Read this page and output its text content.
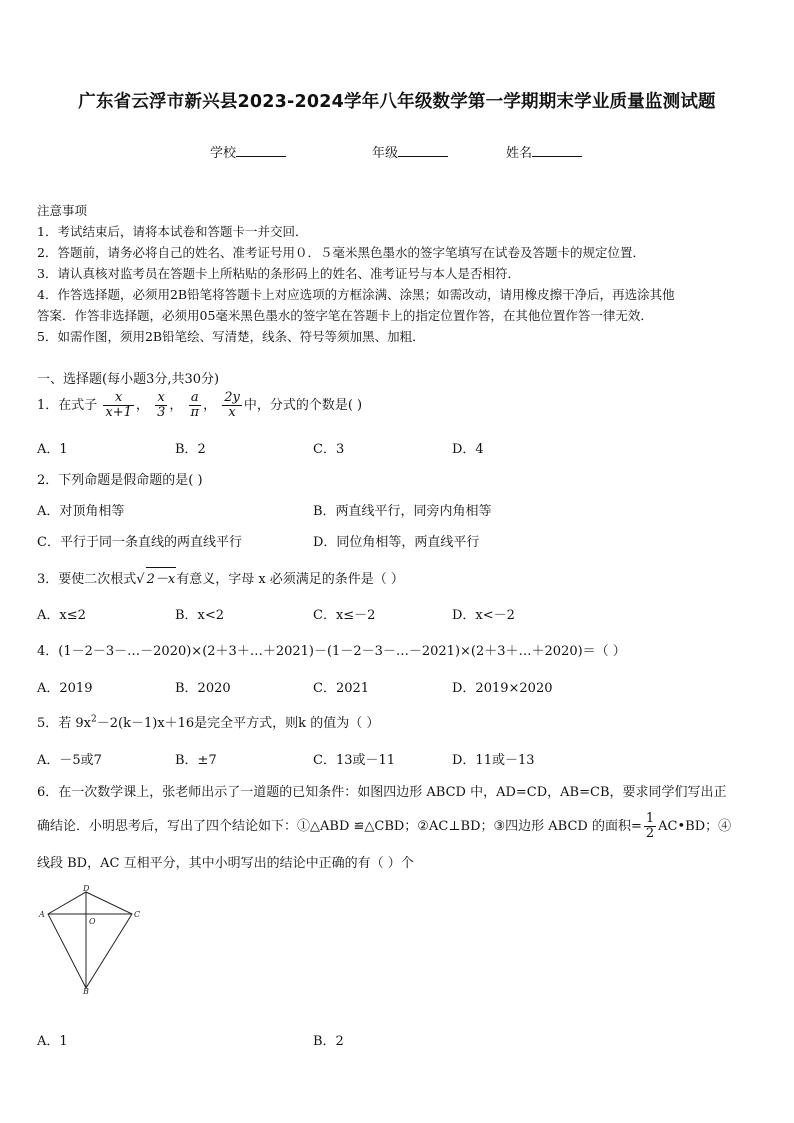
广东省云浮市新兴县2023-2024学年八年级数学第一学期期末学业质量监测试题
学校	年级	姓名
注意事项
1．考试结束后，请将本试卷和答题卡一并交回．
2．答题前，请务必将自己的姓名、准考证号用０．５毫米黑色墨水的签字笔填写在试卷及答题卡的规定位置．
3．请认真核对监考员在答题卡上所粘贴的条形码上的姓名、准考证号与本人是否相符．
4．作答选择题，必须用2B铅笔将答题卡上对应选项的方框涂满、涂黑；如需改动，请用橡皮擦干净后，再选涂其他
答案．作答非选择题，必须用05毫米黑色墨水的签字笔在答题卡上的指定位置作答，在其他位置作答一律无效．
5．如需作图，须用2B铅笔绘、写清楚，线条、符号等须加黑、加粗．
一、选择题(每小题3分,共30分)
1．在式子 $\frac{x}{x+1}$ ， $\frac{x}{3}$ ， $\frac{a}{\pi}$ ， $\frac{2y}{x}$ 中，分式的个数是( )
A．1	B．2	C．3	D．4
2．下列命题是假命题的是( )
A．对顶角相等	B．两直线平行，同旁内角相等
C．平行于同一条直线的两直线平行	D．同位角相等，两直线平行
3．要使二次根式√ 2－x有意义，字母 x 必须满足的条件是（ ）
A．x≤2	B．x<2	C．x≤－2	D．x<－2
4．(1－2－3－…－2020)×(2＋3＋…＋2021)－(1－2－3－…－2021)×(2＋3＋…＋2020)＝（ ）
A．2019	B．2020	C．2021	D．2019×2020
5．若 $9x^2-2(k-1)x+16$是完全平方式，则k 的值为（ ）
A．－5或7	B．±7	C．13或－11	D．11或－13
6．在一次数学课上，张老师出示了一道题的已知条件：如图四边形 ABCD 中，AD=CD，AB=CB，要求同学们写出正
确结论．小明思考后，写出了四个结论如下：①△ABD ≌△CBD；②AC⊥BD；③四边形 ABCD 的面积= $\frac{1}{2}$ AC•BD；④
线段 BD，AC 互相平分，其中小明写出的结论中正确的有（ ）个
A
B
C
D
O
A．1	B．2
